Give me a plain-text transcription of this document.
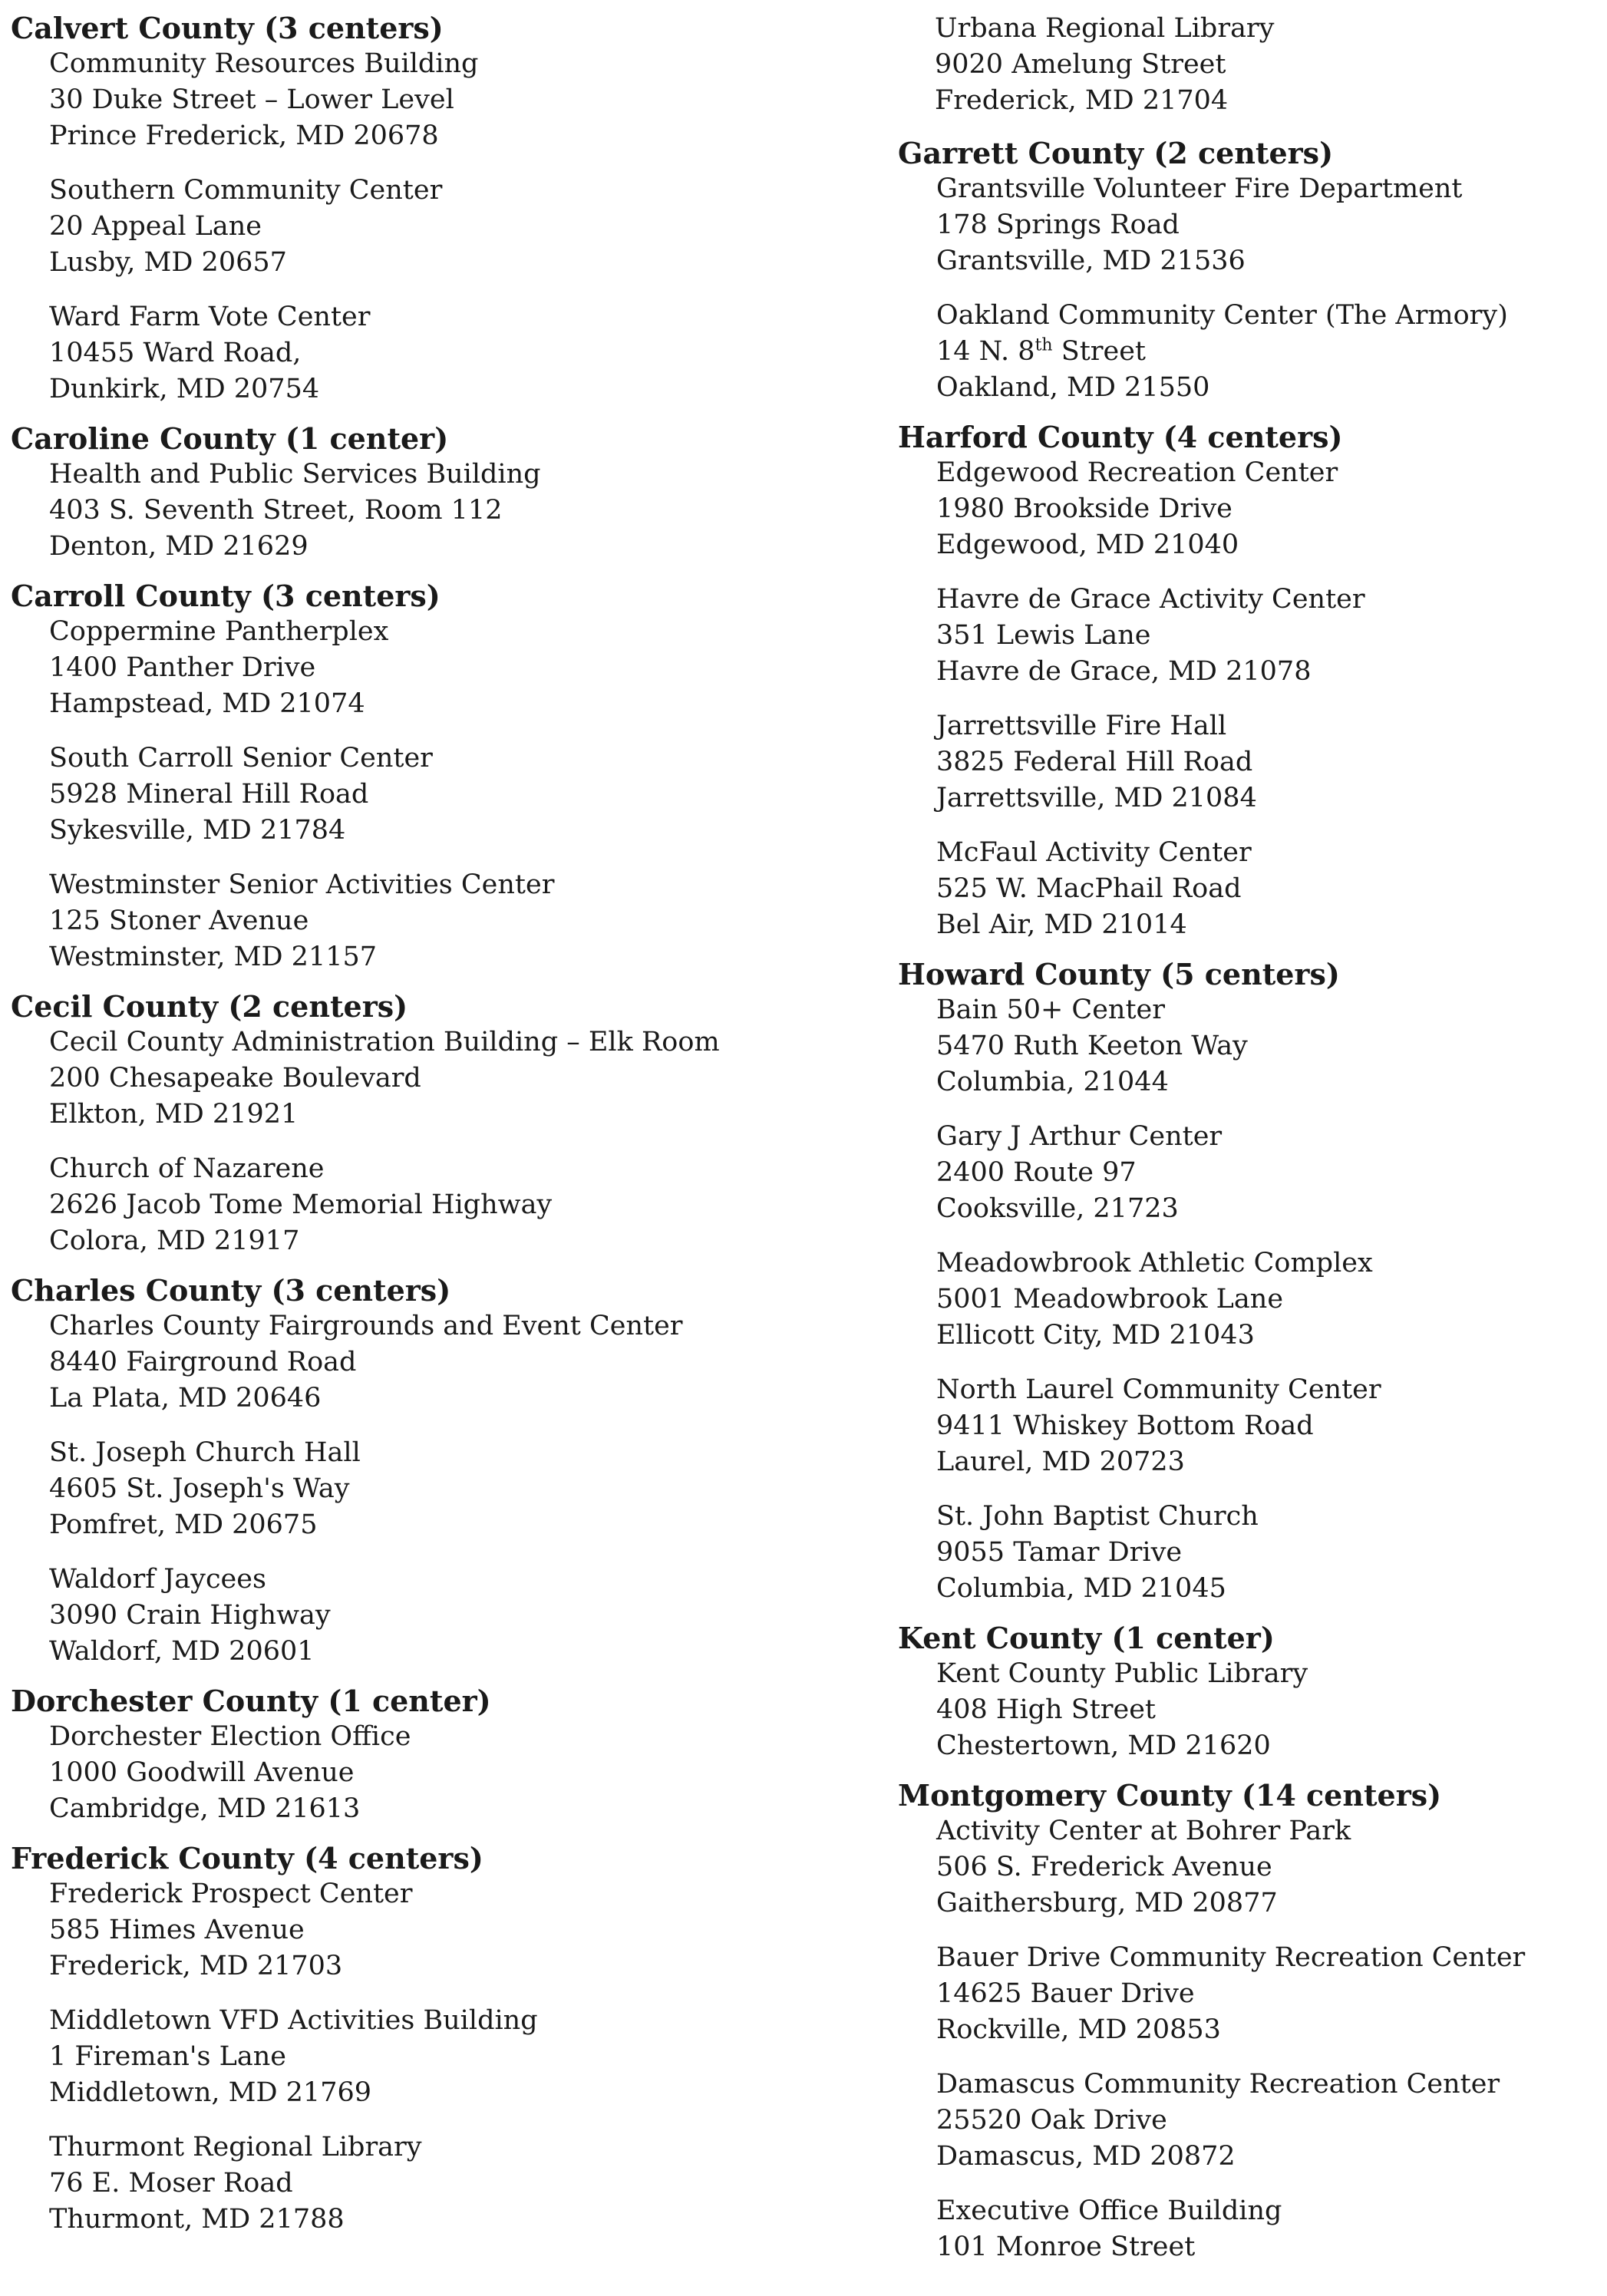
Calvert County (3 centers)
Community Resources Building
30 Duke Street – Lower Level
Prince Frederick, MD 20678
Southern Community Center
20 Appeal Lane
Lusby, MD 20657
Ward Farm Vote Center
10455 Ward Road,
Dunkirk, MD 20754
Caroline County (1 center)
Health and Public Services Building
403 S. Seventh Street, Room 112
Denton, MD 21629
Carroll County (3 centers)
Coppermine Pantherplex
1400 Panther Drive
Hampstead, MD 21074
South Carroll Senior Center
5928 Mineral Hill Road
Sykesville, MD 21784
Westminster Senior Activities Center
125 Stoner Avenue
Westminster, MD 21157
Cecil County (2 centers)
Cecil County Administration Building – Elk Room
200 Chesapeake Boulevard
Elkton, MD 21921
Church of Nazarene
2626 Jacob Tome Memorial Highway
Colora, MD 21917
Charles County (3 centers)
Charles County Fairgrounds and Event Center
8440 Fairground Road
La Plata, MD 20646
St. Joseph Church Hall
4605 St. Joseph's Way
Pomfret, MD 20675
Waldorf Jaycees
3090 Crain Highway
Waldorf, MD 20601
Dorchester County (1 center)
Dorchester Election Office
1000 Goodwill Avenue
Cambridge, MD 21613
Frederick County (4 centers)
Frederick Prospect Center
585 Himes Avenue
Frederick, MD 21703
Middletown VFD Activities Building
1 Fireman's Lane
Middletown, MD 21769
Thurmont Regional Library
76 E. Moser Road
Thurmont, MD 21788
Urbana Regional Library
9020 Amelung Street
Frederick, MD 21704
Garrett County (2 centers)
Grantsville Volunteer Fire Department
178 Springs Road
Grantsville, MD 21536
Oakland Community Center (The Armory)
14 N. 8th Street
Oakland, MD 21550
Harford County (4 centers)
Edgewood Recreation Center
1980 Brookside Drive
Edgewood, MD 21040
Havre de Grace Activity Center
351 Lewis Lane
Havre de Grace, MD 21078
Jarrettsville Fire Hall
3825 Federal Hill Road
Jarrettsville, MD 21084
McFaul Activity Center
525 W. MacPhail Road
Bel Air, MD 21014
Howard County (5 centers)
Bain 50+ Center
5470 Ruth Keeton Way
Columbia, 21044
Gary J Arthur Center
2400 Route 97
Cooksville, 21723
Meadowbrook Athletic Complex
5001 Meadowbrook Lane
Ellicott City, MD 21043
North Laurel Community Center
9411 Whiskey Bottom Road
Laurel, MD 20723
St. John Baptist Church
9055 Tamar Drive
Columbia, MD 21045
Kent County (1 center)
Kent County Public Library
408 High Street
Chestertown, MD 21620
Montgomery County (14 centers)
Activity Center at Bohrer Park
506 S. Frederick Avenue
Gaithersburg, MD 20877
Bauer Drive Community Recreation Center
14625 Bauer Drive
Rockville, MD 20853
Damascus Community Recreation Center
25520 Oak Drive
Damascus, MD 20872
Executive Office Building
101 Monroe Street
